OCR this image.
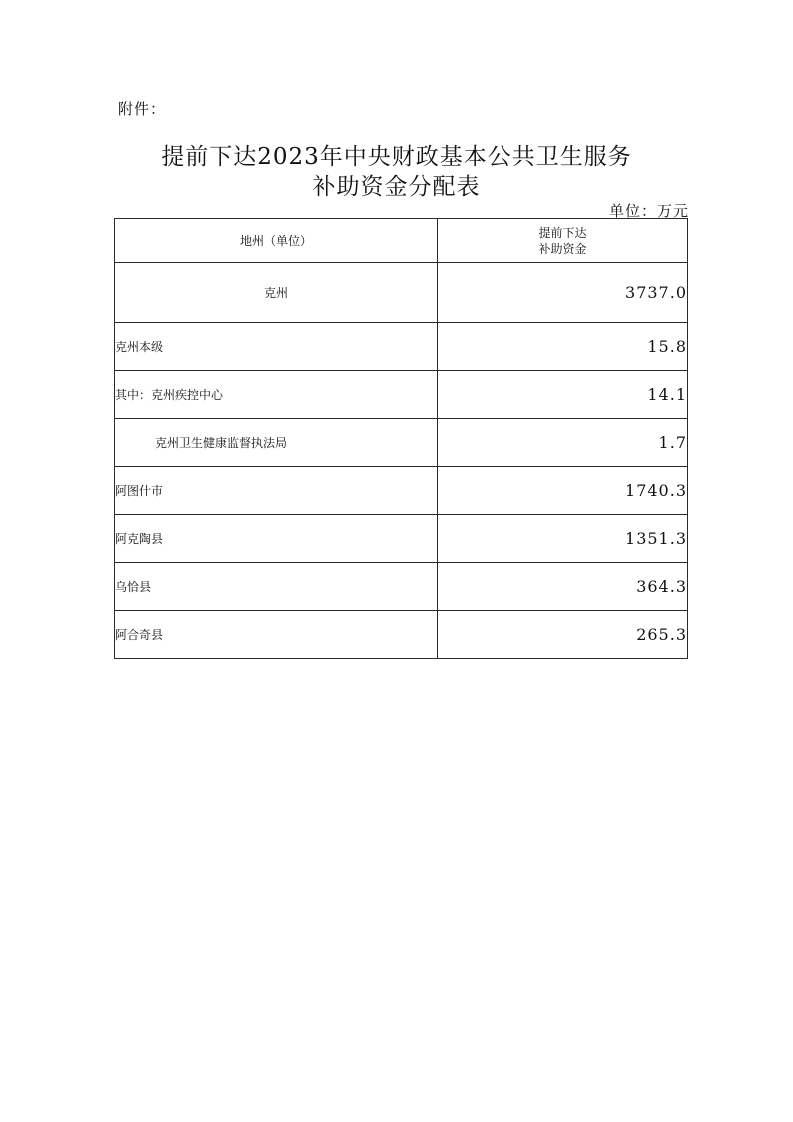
附件：
提前下达2023年中央财政基本公共卫生服务
补助资金分配表
单位：万元
地州（单位）	提前下达
补助资金

克州	3737.0
克州本级	15.8
其中：克州疾控中心	14.1
克州卫生健康监督执法局	1.7
阿图什市	1740.3
阿克陶县	1351.3
乌恰县	364.3
阿合奇县	265.3
